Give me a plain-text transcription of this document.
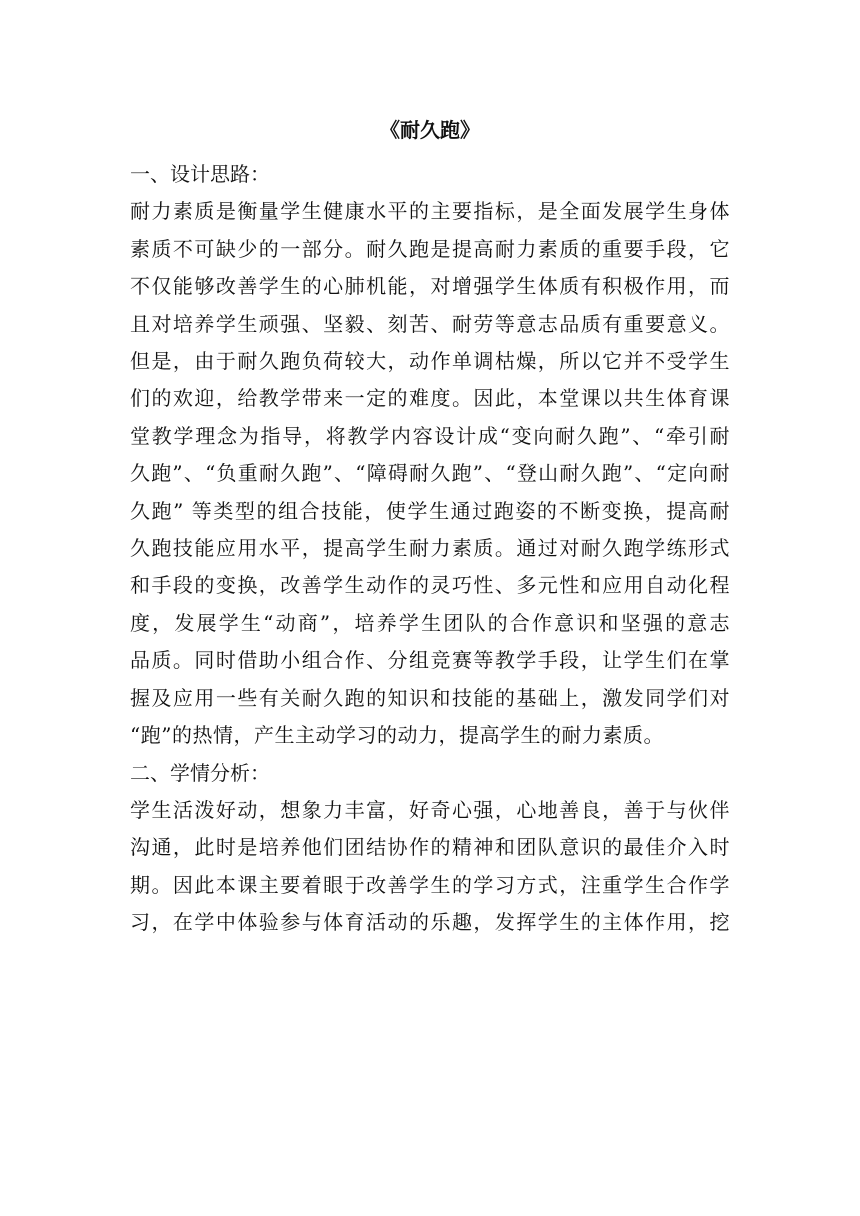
《耐久跑》
一、设计思路：
耐力素质是衡量学生健康水平的主要指标，是全面发展学生身体
素质不可缺少的一部分。耐久跑是提高耐力素质的重要手段，它
不仅能够改善学生的心肺机能，对增强学生体质有积极作用，而
且对培养学生顽强、坚毅、刻苦、耐劳等意志品质有重要意义。
但是，由于耐久跑负荷较大，动作单调枯燥，所以它并不受学生
们的欢迎，给教学带来一定的难度。因此，本堂课以共生体育课
堂教学理念为指导，将教学内容设计成“变向耐久跑”、“牵引耐
久跑”、“负重耐久跑”、“障碍耐久跑”、“登山耐久跑”、“定向耐
久跑” 等类型的组合技能，使学生通过跑姿的不断变换，提高耐
久跑技能应用水平，提高学生耐力素质。通过对耐久跑学练形式
和手段的变换，改善学生动作的灵巧性、多元性和应用自动化程
度，发展学生“动商”，培养学生团队的合作意识和坚强的意志
品质。同时借助小组合作、分组竞赛等教学手段，让学生们在掌
握及应用一些有关耐久跑的知识和技能的基础上，激发同学们对
“跑”的热情，产生主动学习的动力，提高学生的耐力素质。
二、学情分析：
学生活泼好动，想象力丰富，好奇心强，心地善良，善于与伙伴
沟通，此时是培养他们团结协作的精神和团队意识的最佳介入时
期。因此本课主要着眼于改善学生的学习方式，注重学生合作学
习，在学中体验参与体育活动的乐趣，发挥学生的主体作用，挖
